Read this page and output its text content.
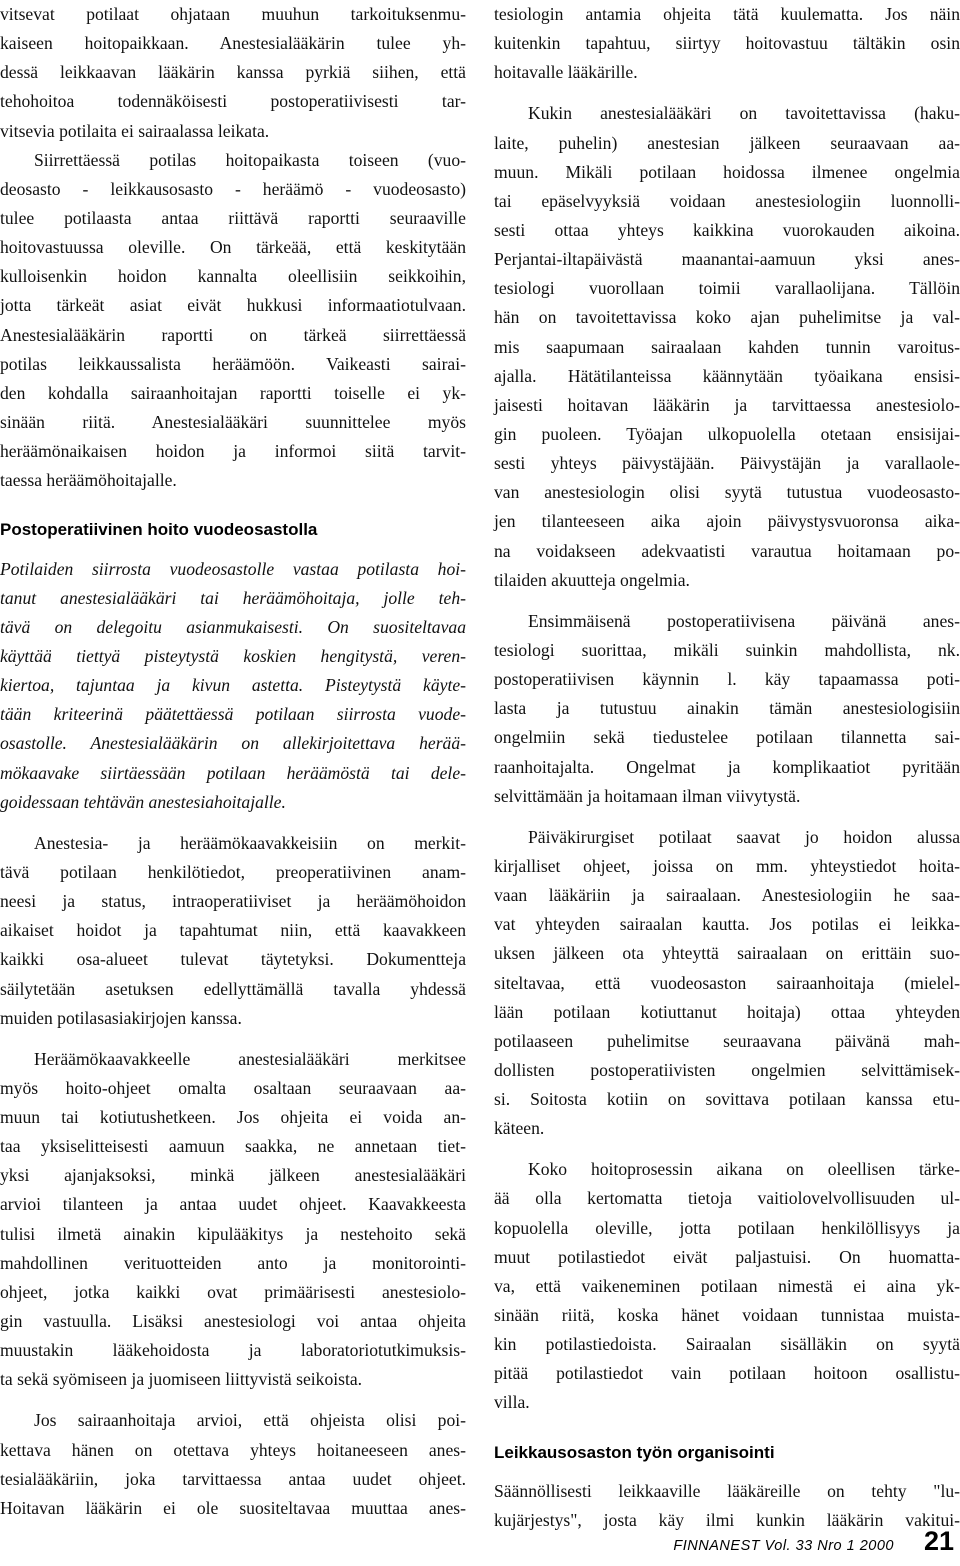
vitsevat potilaat ohjataan muuhun tarkoituksenmu-
kaiseen hoitopaikkaan. Anestesialääkärin tulee yh-
dessä leikkaavan lääkärin kanssa pyrkiä siihen, että
tehohoitoa todennäköisesti postoperatiivisesti tar-
vitsevia potilaita ei sairaalassa leikata.
Siirrettäessä potilas hoitopaikasta toiseen (vuo-
deosasto - leikkausosasto - heräämö - vuodeosasto)
tulee potilaasta antaa riittävä raportti seuraaville
hoitovastuussa oleville. On tärkeää, että keskitytään
kulloisenkin hoidon kannalta oleellisiin seikkoihin,
jotta tärkeät asiat eivät hukkusi informaatiotulvaan.
Anestesialääkärin raportti on tärkeä siirrettäessä
potilas leikkaussalista heräämöön. Vaikeasti sairai-
den kohdalla sairaanhoitajan raportti toiselle ei yk-
sinään riitä. Anestesialääkäri suunnittelee myös
heräämönaikaisen hoidon ja informoi siitä tarvit-
taessa heräämöhoitajalle.
Postoperatiivinen hoito vuodeosastolla
Potilaiden siirrosta vuodeosastolle vastaa potilasta hoi-
tanut anestesialääkäri tai heräämöhoitaja, jolle teh-
tävä on delegoitu asianmukaisesti. On suositeltavaa
käyttää tiettyä pisteytystä koskien hengitystä, veren-
kiertoa, tajuntaa ja kivun astetta. Pisteytystä käyte-
tään kriteerinä päätettäessä potilaan siirrosta vuode-
osastolle. Anestesialääkärin on allekirjoitettava herää-
mökaavake siirtäessään potilaan heräämöstä tai dele-
goidessaan tehtävän anestesiahoitajalle.
Anestesia- ja heräämökaavakkeisiin on merkit-
tävä potilaan henkilötiedot, preoperatiivinen anam-
neesi ja status, intraoperatiiviset ja heräämöhoidon
aikaiset hoidot ja tapahtumat niin, että kaavakkeen
kaikki osa-alueet tulevat täytetyksi. Dokumentteja
säilytetään asetuksen edellyttämällä tavalla yhdessä
muiden potilasasiakirjojen kanssa.
Heräämökaavakkeelle anestesialääkäri merkitsee
myös hoito-ohjeet omalta osaltaan seuraavaan aa-
muun tai kotiutushetkeen. Jos ohjeita ei voida an-
taa yksiselitteisesti aamuun saakka, ne annetaan tiet-
yksi ajanjaksoksi, minkä jälkeen anestesialääkäri
arvioi tilanteen ja antaa uudet ohjeet. Kaavakkeesta
tulisi ilmetä ainakin kipulääkitys ja nestehoito sekä
mahdollinen verituotteiden anto ja monitorointi-
ohjeet, jotka kaikki ovat primäärisesti anestesiolo-
gin vastuulla. Lisäksi anestesiologi voi antaa ohjeita
muustakin lääkehoidosta ja laboratoriotutkimuksis-
ta sekä syömiseen ja juomiseen liittyvistä seikoista.
Jos sairaanhoitaja arvioi, että ohjeista olisi poi-
kettava hänen on otettava yhteys hoitaneeseen anes-
tesialääkäriin, joka tarvittaessa antaa uudet ohjeet.
Hoitavan lääkärin ei ole suositeltavaa muuttaa anes-
tesiologin antamia ohjeita tätä kuulematta. Jos näin
kuitenkin tapahtuu, siirtyy hoitovastuu tältäkin osin
hoitavalle lääkärille.
Kukin anestesialääkäri on tavoitettavissa (haku-
laite, puhelin) anestesian jälkeen seuraavaan aa-
muun. Mikäli potilaan hoidossa ilmenee ongelmia
tai epäselvyyksiä voidaan anestesiologiin luonnolli-
sesti ottaa yhteys kaikkina vuorokauden aikoina.
Perjantai-iltapäivästä maanantai-aamuun yksi anes-
tesiologi vuorollaan toimii varallaolijana. Tällöin
hän on tavoitettavissa koko ajan puhelimitse ja val-
mis saapumaan sairaalaan kahden tunnin varoitus-
ajalla. Hätätilanteissa käännytään työaikana ensisi-
jaisesti hoitavan lääkärin ja tarvittaessa anestesiolo-
gin puoleen. Työajan ulkopuolella otetaan ensisijai-
sesti yhteys päivystäjään. Päivystäjän ja varallaole-
van anestesiologin olisi syytä tutustua vuodeosasto-
jen tilanteeseen aika ajoin päivystysvuoronsa aika-
na voidakseen adekvaatisti varautua hoitamaan po-
tilaiden akuutteja ongelmia.
Ensimmäisenä postoperatiivisena päivänä anes-
tesiologi suorittaa, mikäli suinkin mahdollista, nk.
postoperatiivisen käynnin l. käy tapaamassa poti-
lasta ja tutustuu ainakin tämän anestesiologisiin
ongelmiin sekä tiedustelee potilaan tilannetta sai-
raanhoitajalta. Ongelmat ja komplikaatiot pyritään
selvittämään ja hoitamaan ilman viivytystä.
Päiväkirurgiset potilaat saavat jo hoidon alussa
kirjalliset ohjeet, joissa on mm. yhteystiedot hoita-
vaan lääkäriin ja sairaalaan. Anestesiologiin he saa-
vat yhteyden sairaalan kautta. Jos potilas ei leikka-
uksen jälkeen ota yhteyttä sairaalaan on erittäin suo-
siteltavaa, että vuodeosaston sairaanhoitaja (mielel-
lään potilaan kotiuttanut hoitaja) ottaa yhteyden
potilaaseen puhelimitse seuraavana päivänä mah-
dollisten postoperatiivisten ongelmien selvittämisek-
si. Soitosta kotiin on sovittava potilaan kanssa etu-
käteen.
Koko hoitoprosessin aikana on oleellisen tärke-
ää olla kertomatta tietoja vaitiolovelvollisuuden ul-
kopuolella oleville, jotta potilaan henkilöllisyys ja
muut potilastiedot eivät paljastuisi. On huomatta-
va, että vaikeneminen potilaan nimestä ei aina yk-
sinään riitä, koska hänet voidaan tunnistaa muista-
kin potilastiedoista. Sairaalan sisälläkin on syytä
pitää potilastiedot vain potilaan hoitoon osallistu-
villa.
Leikkausosaston työn organisointi
Säännöllisesti leikkaaville lääkäreille on tehty "lu-
kujärjestys", josta käy ilmi kunkin lääkärin vakitui-
FINNANEST Vol. 33 Nro 1 2000 21
